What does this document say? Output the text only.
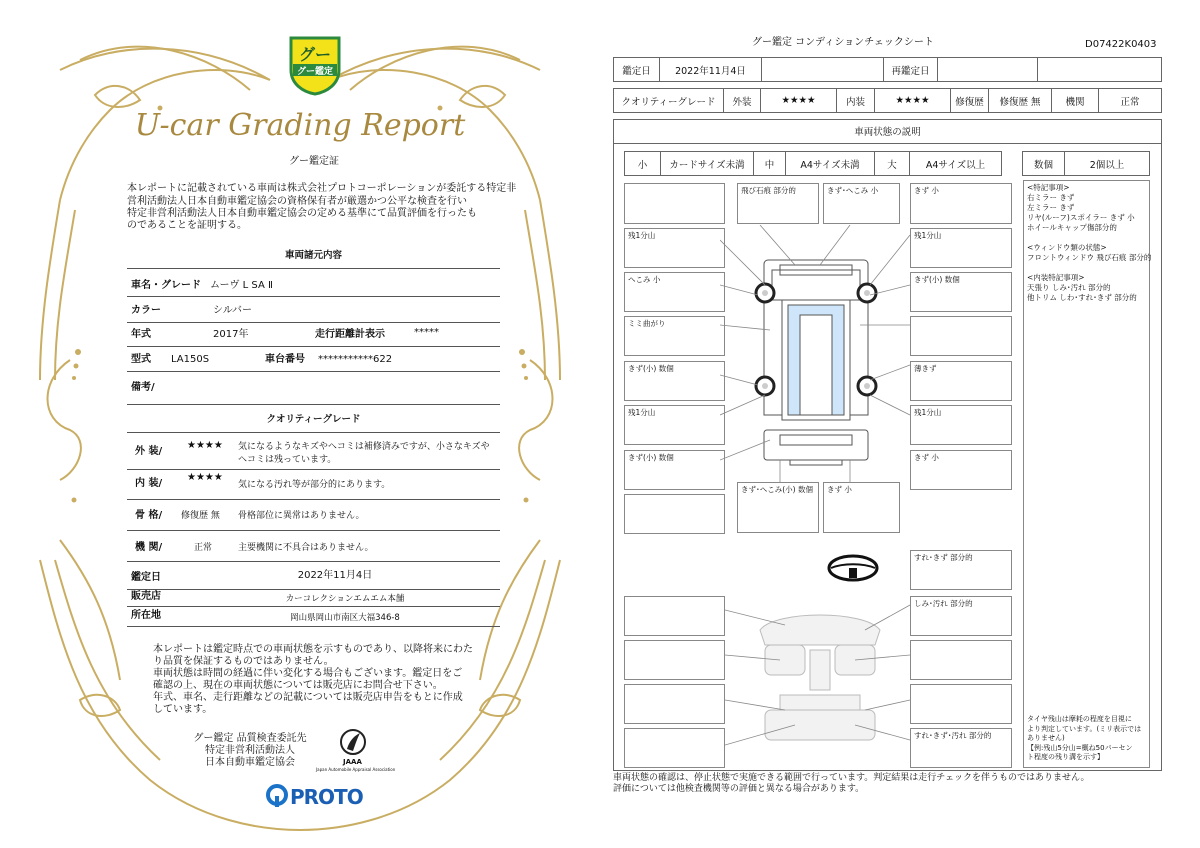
グー
グー鑑定
U-car Grading Report
グー鑑定証
本レポートに記載されている車両は株式会社プロトコーポレーションが委託する特定非
営利活動法人日本自動車鑑定協会の資格保有者が厳選かつ公平な検査を行い
特定非営利活動法人日本自動車鑑定協会の定める基準にて品質評価を行ったも
のであることを証明する。
車両諸元内容
車名・グレード ムーヴ L SA Ⅱ
カラー	シルバー
年式	2017年	走行距離計表示	*****
型式 LA150S	車台番号 ***********622
備考/
クオリティーグレード
外 装/
★★★★ 気になるようなキズやヘコミは補修済みですが、小さなキズや
ヘコミは残っています。
内 装/
★★★★
気になる汚れ等が部分的にあります。
骨 格/ 修復歴 無 骨格部位に異常はありません。
機 関/	正常	主要機関に不具合はありません。
鑑定日	2022年11月4日
販売店	カーコレクションエムエム本舗
所在地	岡山県岡山市南区大福346-8
本レポートは鑑定時点での車両状態を示すものであり、以降将来にわた
り品質を保証するものではありません。
車両状態は時間の経過に伴い変化する場合もございます。鑑定日をご
確認の上、現在の車両状態については販売店にお問合せ下さい。
年式、車名、走行距離などの記載については販売店申告をもとに作成
しています。
グー鑑定 品質検査委託先
特定非営利活動法人
日本自動車鑑定協会	JAAA
Japan Automobile Appraisal Association
PROTO
グー鑑定 コンディションチェックシート	D07422K0403
鑑定日	2022年11月4日	再鑑定日
クオリティーグレード	外装	★★★★	内装	★★★★	修復歴	修復歴 無	機関	正常
車両状態の説明
小	カードサイズ未満	中	A4サイズ未満	大	A4サイズ以上	数個	2個以上
残1分山
へこみ 小
ミミ曲がり
きず(小) 数個
残1分山
きず(小) 数個
飛び石痕 部分的	きず･へこみ 小	きず 小
残1分山
きず(小) 数個
薄きず
残1分山
きず 小
きず･へこみ(小) 数個	きず 小
すれ･きず 部分的
しみ･汚れ 部分的
すれ･きず･汚れ 部分的
<特記事項>
右ミラー きず
左ミラー きず
リヤ(ルーフ)スポイラー きず 小
ホイールキャップ傷部分的
<ウィンドウ類の状態>
フロントウィンドウ 飛び石痕 部分的
<内装特記事項>
天張り しみ･汚れ 部分的
他トリム しわ･すれ･きず 部分的
タイヤ残山は摩耗の程度を目視に
より判定しています。(ミリ表示では
ありません)
【例:残山5分山=概ね50パーセン
ト程度の残り溝を示す】
車両状態の確認は、停止状態で実施できる範囲で行っています。判定結果は走行チェックを伴うものではありません。
評価については他検査機関等の評価と異なる場合があります。
